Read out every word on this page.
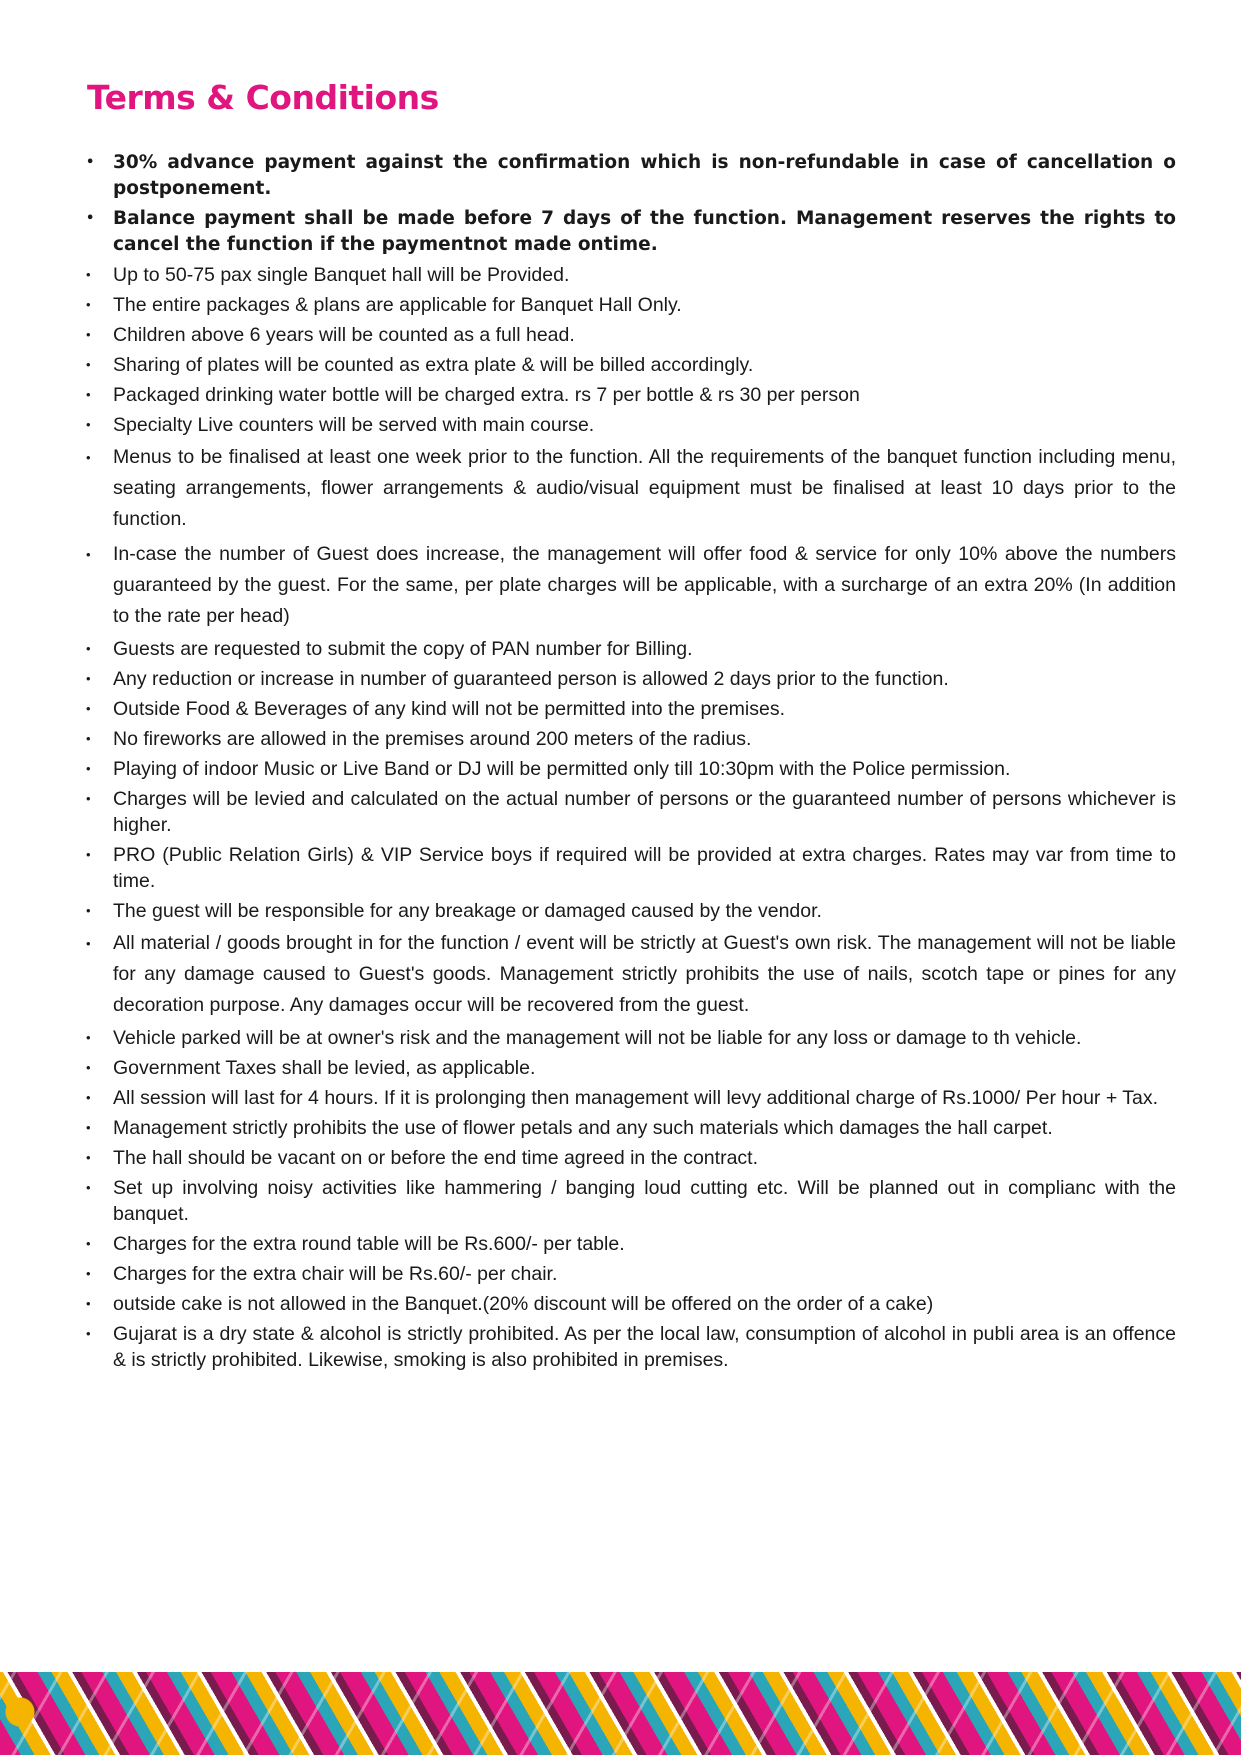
Terms & Conditions
• 30% advance payment against the confirmation which is non-refundable in case of cancellation o postponement.
• Balance payment shall be made before 7 days of the function. Management reserves the rights to cancel the function if the paymentnot made ontime.
• Up to 50-75 pax single Banquet hall will be Provided.
• The entire packages & plans are applicable for Banquet Hall Only.
• Children above 6 years will be counted as a full head.
• Sharing of plates will be counted as extra plate & will be billed accordingly.
• Packaged drinking water bottle will be charged extra. rs 7 per bottle & rs 30 per person
• Specialty Live counters will be served with main course.
• Menus to be finalised at least one week prior to the function. All the requirements of the banquet function including menu, seating arrangements, flower arrangements & audio/visual equipment must be finalised at least 10 days prior to the function.
• In-case the number of Guest does increase, the management will offer food & service for only 10% above the numbers guaranteed by the guest. For the same, per plate charges will be applicable, with a surcharge of an extra 20% (In addition to the rate per head)
• Guests are requested to submit the copy of PAN number for Billing.
• Any reduction or increase in number of guaranteed person is allowed 2 days prior to the function.
• Outside Food & Beverages of any kind will not be permitted into the premises.
• No fireworks are allowed in the premises around 200 meters of the radius.
• Playing of indoor Music or Live Band or DJ will be permitted only till 10:30pm with the Police permission.
• Charges will be levied and calculated on the actual number of persons or the guaranteed number of persons whichever is higher.
• PRO (Public Relation Girls) & VIP Service boys if required will be provided at extra charges. Rates may var from time to time.
• The guest will be responsible for any breakage or damaged caused by the vendor.
• All material / goods brought in for the function / event will be strictly at Guest's own risk. The management will not be liable for any damage caused to Guest's goods. Management strictly prohibits the use of nails, scotch tape or pines for any decoration purpose. Any damages occur will be recovered from the guest.
• Vehicle parked will be at owner's risk and the management will not be liable for any loss or damage to th vehicle.
• Government Taxes shall be levied, as applicable.
• All session will last for 4 hours. If it is prolonging then management will levy additional charge of Rs.1000/ Per hour + Tax.
• Management strictly prohibits the use of flower petals and any such materials which damages the hall carpet.
• The hall should be vacant on or before the end time agreed in the contract.
• Set up involving noisy activities like hammering / banging loud cutting etc. Will be planned out in complianc with the banquet.
• Charges for the extra round table will be Rs.600/- per table.
• Charges for the extra chair will be Rs.60/- per chair.
• outside cake is not allowed in the Banquet.(20% discount will be offered on the order of a cake)
• Gujarat is a dry state & alcohol is strictly prohibited. As per the local law, consumption of alcohol in publi area is an offence & is strictly prohibited. Likewise, smoking is also prohibited in premises.
